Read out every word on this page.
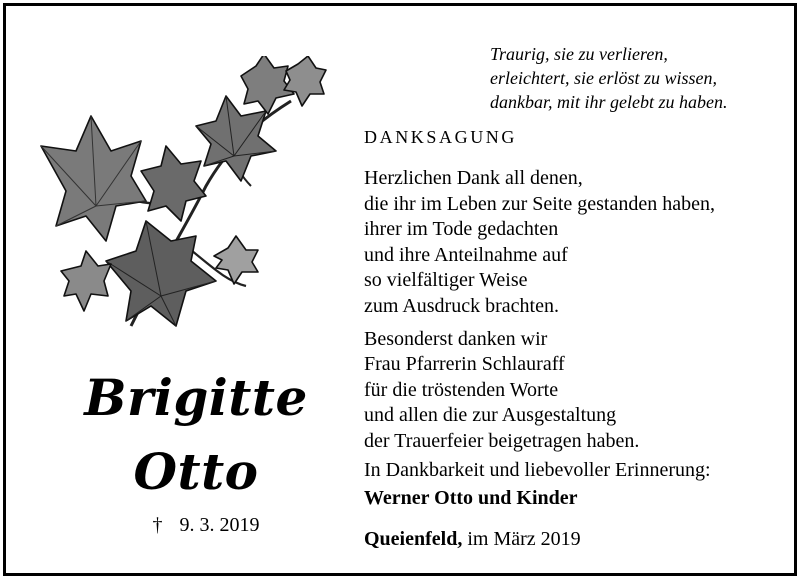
Traurig, sie zu verlieren,
erleichtert, sie erlöst zu wissen,
dankbar, mit ihr gelebt zu haben.
DANKSAGUNG
Herzlichen Dank all denen,
die ihr im Leben zur Seite gestanden haben,
ihrer im Tode gedachten
und ihre Anteilnahme auf
so vielfältiger Weise
zum Ausdruck brachten.
Besonderst danken wir
Frau Pfarrerin Schlauraff
für die tröstenden Worte
und allen die zur Ausgestaltung
der Trauerfeier beigetragen haben.
In Dankbarkeit und liebevoller Erinnerung:
Werner Otto und Kinder
Queienfeld, im März 2019
Brigitte
Otto
† 9. 3. 2019
